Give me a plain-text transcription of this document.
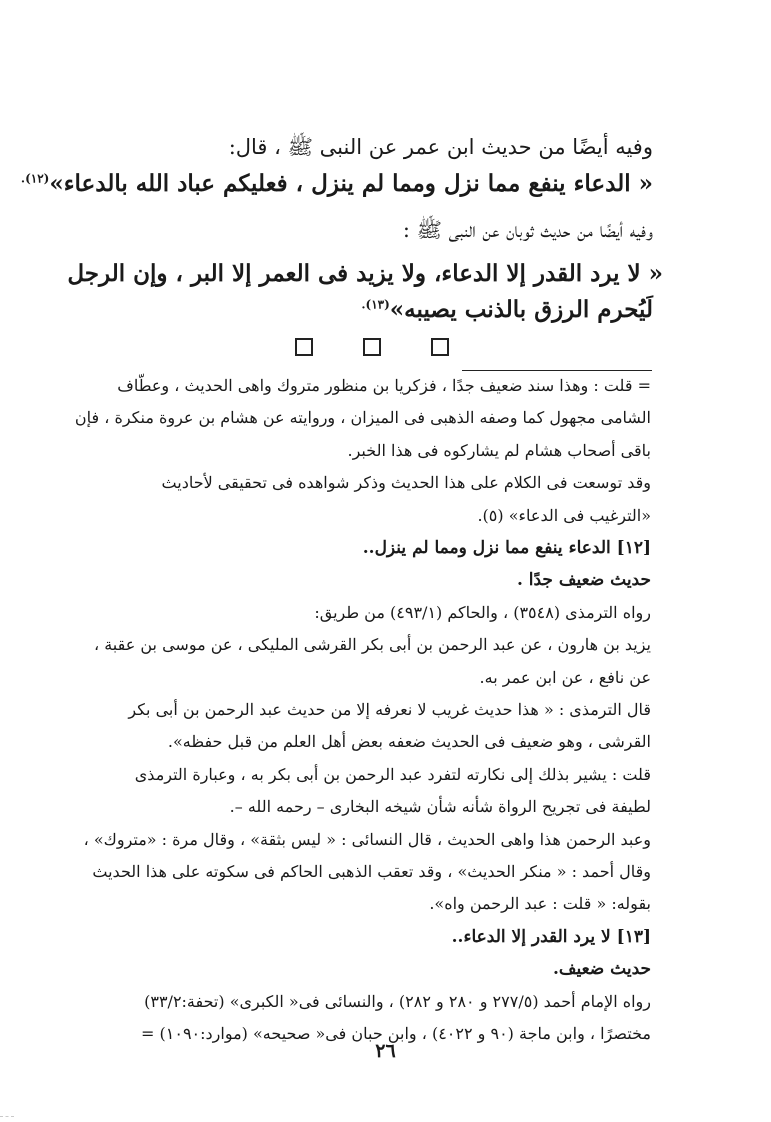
وفيه أيضًا من حديث ابن عمر عن النبى ﷺ ، قال:
« الدعاء ينفع مما نزل ومما لم ينزل ، فعليكم عباد الله بالدعاء»$^{(١٢).}$
وفيه أيضًا من حديث ثوبان عن النبى ﷺ :
« لا يرد القدر إلا الدعاء، ولا يزيد فى العمر إلا البر ، وإن الرجل
لَيُحرم الرزق بالذنب يصيبه»$^{(١٣).}$
= قلت : وهذا سند ضعيف جدًا ، فزكريا بن منظور متروك واهى الحديث ، وعطّاف
الشامى مجهول كما وصفه الذهبى فى الميزان ، وروايته عن هشام بن عروة منكرة ، فإن
باقى أصحاب هشام لم يشاركوه فى هذا الخبر.
وقد توسعت فى الكلام على هذا الحديث وذكر شواهده فى تحقيقى لأحاديث
«الترغيب فى الدعاء» (٥).
[١٢] الدعاء ينفع مما نزل ومما لم ينزل..
حديث ضعيف جدًا .
رواه الترمذى (٣٥٤٨) ، والحاكم (٤٩٣/١) من طريق:
يزيد بن هارون ، عن عبد الرحمن بن أبى بكر القرشى المليكى ، عن موسى بن عقبة ،
عن نافع ، عن ابن عمر به.
قال الترمذى : « هذا حديث غريب لا نعرفه إلا من حديث عبد الرحمن بن أبى بكر
القرشى ، وهو ضعيف فى الحديث ضعفه بعض أهل العلم من قبل حفظه».
قلت : يشير بذلك إلى نكارته لتفرد عبد الرحمن بن أبى بكر به ، وعبارة الترمذى
لطيفة فى تجريح الرواة شأنه شأن شيخه البخارى – رحمه الله –.
وعبد الرحمن هذا واهى الحديث ، قال النسائى : « ليس بثقة» ، وقال مرة : «متروك» ،
وقال أحمد : « منكر الحديث» ، وقد تعقب الذهبى الحاكم فى سكوته على هذا الحديث
بقوله: « قلت : عبد الرحمن واه».
[١٣] لا يرد القدر إلا الدعاء..
حديث ضعيف.
رواه الإمام أحمد (٢٧٧/٥ و ٢٨٠ و ٢٨٢) ، والنسائى فى« الكبرى» (تحفة:٣٣/٢)
مختصرًا ، وابن ماجة (٩٠ و ٤٠٢٢) ، وابن حبان فى« صحيحه» (موارد:١٠٩٠) =
٢٦
